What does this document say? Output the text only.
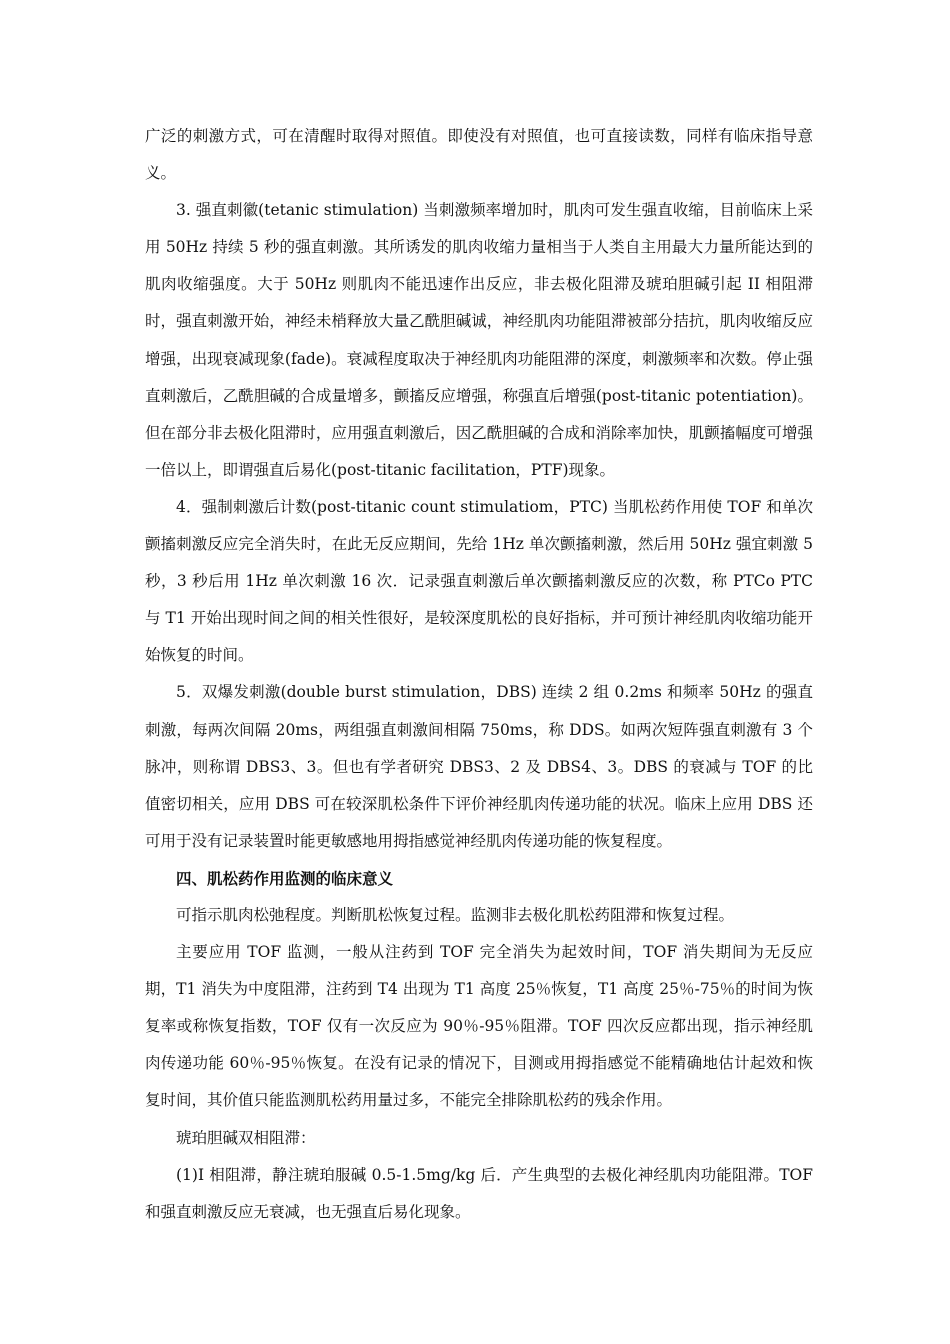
广泛的刺激方式，可在清醒时取得对照值。即使没有对照值，也可直接读数，同样有临床指导意义。

3. 强直刺徽(tetanic stimulation) 当刺激频率增加时，肌肉可发生强直收缩，目前临床上采用 50Hz 持续 5 秒的强直刺激。其所诱发的肌肉收缩力量相当于人类自主用最大力量所能达到的肌肉收缩强度。大于 50Hz 则肌肉不能迅速作出反应，非去极化阻滞及琥珀胆碱引起 II 相阻滞时，强直刺激开始，神经未梢释放大量乙酰胆碱诚，神经肌肉功能阻滞被部分拮抗，肌肉收缩反应增强，出现衰减现象(fade)。衰减程度取决于神经肌肉功能阻滞的深度，刺激频率和次数。停止强直刺激后，乙酰胆碱的合成量增多，颤搐反应增强，称强直后增强(post-titanic potentiation)。但在部分非去极化阻滞时，应用强直刺激后，因乙酰胆碱的合成和消除率加快，肌颤搐幅度可增强一倍以上，即谓强直后易化(post-titanic facilitation，PTF)现象。

4．强制刺激后计数(post-titanic count stimulatiom，PTC) 当肌松药作用使 TOF 和单次颤搐刺激反应完全消失时，在此无反应期间，先给 1Hz 单次颤搐刺激，然后用 50Hz 强宜刺激 5 秒，3 秒后用 1Hz 单次刺激 16 次．记录强直刺激后单次颤搐刺激反应的次数，称 PTCo PTC 与 T1 开始出现时间之间的相关性很好，是较深度肌松的良好指标，并可预计神经肌肉收缩功能开始恢复的时间。

5．双爆发刺激(double burst stimulation，DBS) 连续 2 组 0.2ms 和频率 50Hz 的强直刺激，每两次间隔 20ms，两组强直刺激间相隔 750ms，称 DDS。如两次短阵强直刺激有 3 个脉冲，则称谓 DBS3、3。但也有学者研究 DBS3、2 及 DBS4、3。DBS 的衰减与 TOF 的比值密切相关，应用 DBS 可在较深肌松条件下评价神经肌肉传递功能的状况。临床上应用 DBS 还可用于没有记录装置时能更敏感地用拇指感觉神经肌肉传递功能的恢复程度。

四、肌松药作用监测的临床意义

可指示肌肉松弛程度。判断肌松恢复过程。监测非去极化肌松药阻滞和恢复过程。

主要应用 TOF 监测，一般从注药到 TOF 完全消失为起效时间，TOF 消失期间为无反应期，T1 消失为中度阻滞，注药到 T4 出现为 T1 高度 25％恢复，T1 高度 25％-75％的时间为恢复率或称恢复指数，TOF 仅有一次反应为 90％-95％阻滞。TOF 四次反应都出现，指示神经肌肉传递功能 60％-95％恢复。在没有记录的情况下，目测或用拇指感觉不能精确地估计起效和恢复时间，其价值只能监测肌松药用量过多，不能完全排除肌松药的残余作用。

琥珀胆碱双相阻滞：

(1)I 相阻滞，静注琥珀服碱 0.5-1.5mg/kg 后．产生典型的去极化神经肌肉功能阻滞。TOF 和强直刺激反应无衰减，也无强直后易化现象。
